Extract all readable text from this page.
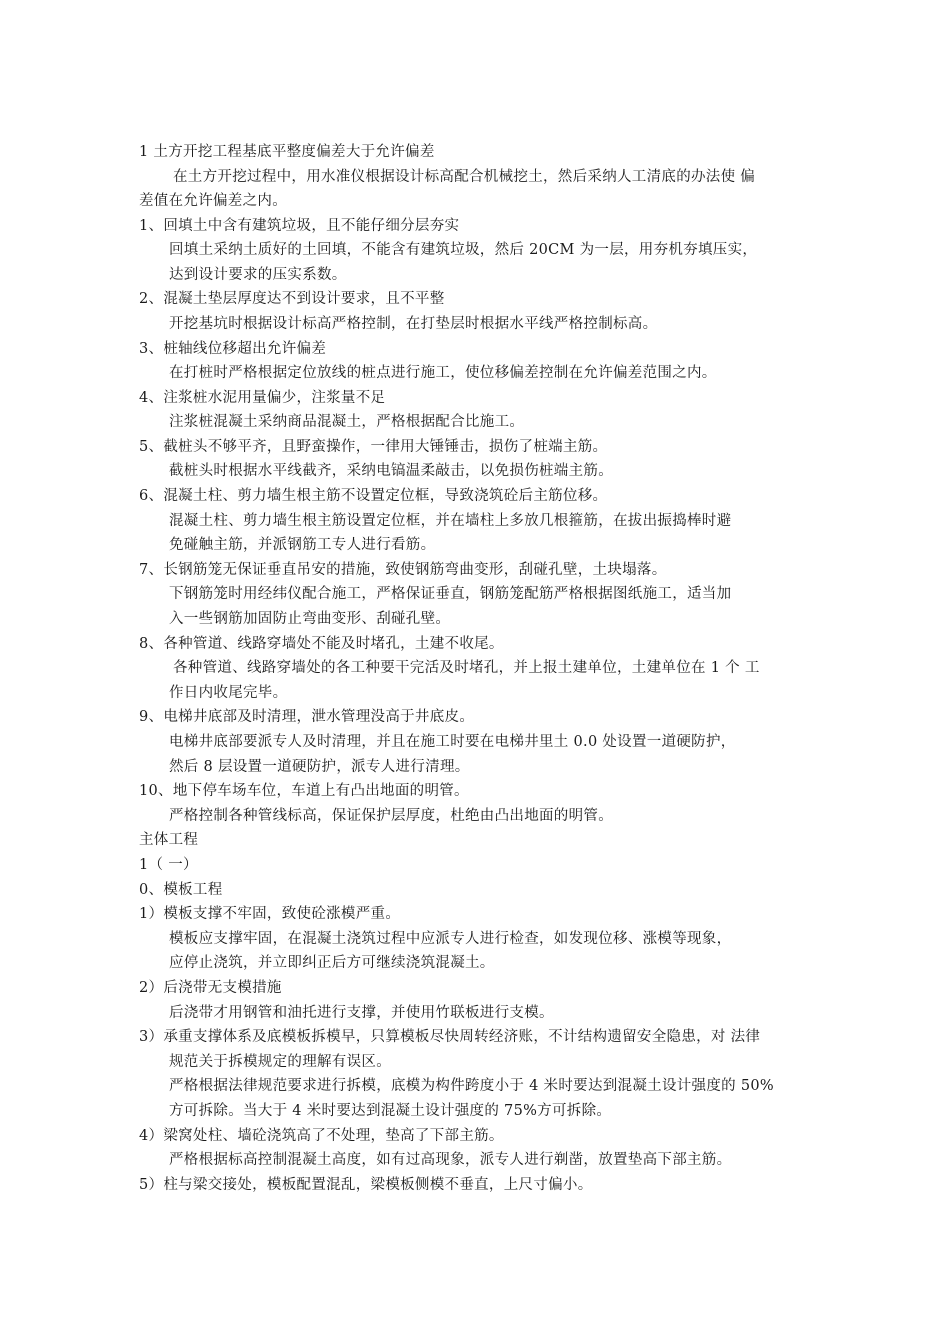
1 土方开挖工程基底平整度偏差大于允许偏差
在土方开挖过程中，用水准仪根据设计标高配合机械挖土，然后采纳人工清底的办法使 偏
差值在允许偏差之内。
1、回填土中含有建筑垃圾，且不能仔细分层夯实
回填土采纳土质好的土回填，不能含有建筑垃圾，然后 20CM 为一层，用夯机夯填压实，
达到设计要求的压实系数。
2、混凝土垫层厚度达不到设计要求，且不平整
开挖基坑时根据设计标高严格控制，在打垫层时根据水平线严格控制标高。
3、桩轴线位移超出允许偏差
在打桩时严格根据定位放线的桩点进行施工，使位移偏差控制在允许偏差范围之内。
4、注浆桩水泥用量偏少，注浆量不足
注浆桩混凝土采纳商品混凝土，严格根据配合比施工。
5、截桩头不够平齐，且野蛮操作，一律用大锤锤击，损伤了桩端主筋。
截桩头时根据水平线截齐，采纳电镐温柔敲击，以免损伤桩端主筋。
6、混凝土柱、剪力墙生根主筋不设置定位框，导致浇筑砼后主筋位移。
混凝土柱、剪力墙生根主筋设置定位框，并在墙柱上多放几根箍筋，在拔出振捣棒时避
免碰触主筋，并派钢筋工专人进行看筋。
7、长钢筋笼无保证垂直吊安的措施，致使钢筋弯曲变形，刮碰孔壁，土块塌落。
下钢筋笼时用经纬仪配合施工，严格保证垂直，钢筋笼配筋严格根据图纸施工，适当加
入一些钢筋加固防止弯曲变形、刮碰孔壁。
8、各种管道、线路穿墙处不能及时堵孔，土建不收尾。
各种管道、线路穿墙处的各工种要干完活及时堵孔，并上报土建单位，土建单位在 1 个 工
作日内收尾完毕。
9、电梯井底部及时清理，泄水管理没高于井底皮。
电梯井底部要派专人及时清理，并且在施工时要在电梯井里土 0.0 处设置一道硬防护，
然后 8 层设置一道硬防护，派专人进行清理。
10、地下停车场车位，车道上有凸出地面的明管。
严格控制各种管线标高，保证保护层厚度，杜绝由凸出地面的明管。
主体工程
1（ 一）
0、模板工程
1）模板支撑不牢固，致使砼涨模严重。
模板应支撑牢固，在混凝土浇筑过程中应派专人进行检查，如发现位移、涨模等现象，
应停止浇筑，并立即纠正后方可继续浇筑混凝土。
2）后浇带无支模措施
后浇带才用钢管和油托进行支撑，并使用竹联板进行支模。
3）承重支撑体系及底模板拆模早，只算模板尽快周转经济账，不计结构遗留安全隐患，对 法律
规范关于拆模规定的理解有误区。
严格根据法律规范要求进行拆模，底模为构件跨度小于 4 米时要达到混凝土设计强度的 50%
方可拆除。当大于 4 米时要达到混凝土设计强度的 75%方可拆除。
4）梁窝处柱、墙砼浇筑高了不处理，垫高了下部主筋。
严格根据标高控制混凝土高度，如有过高现象，派专人进行剃凿，放置垫高下部主筋。
5）柱与梁交接处，模板配置混乱，梁模板侧模不垂直，上尺寸偏小。
